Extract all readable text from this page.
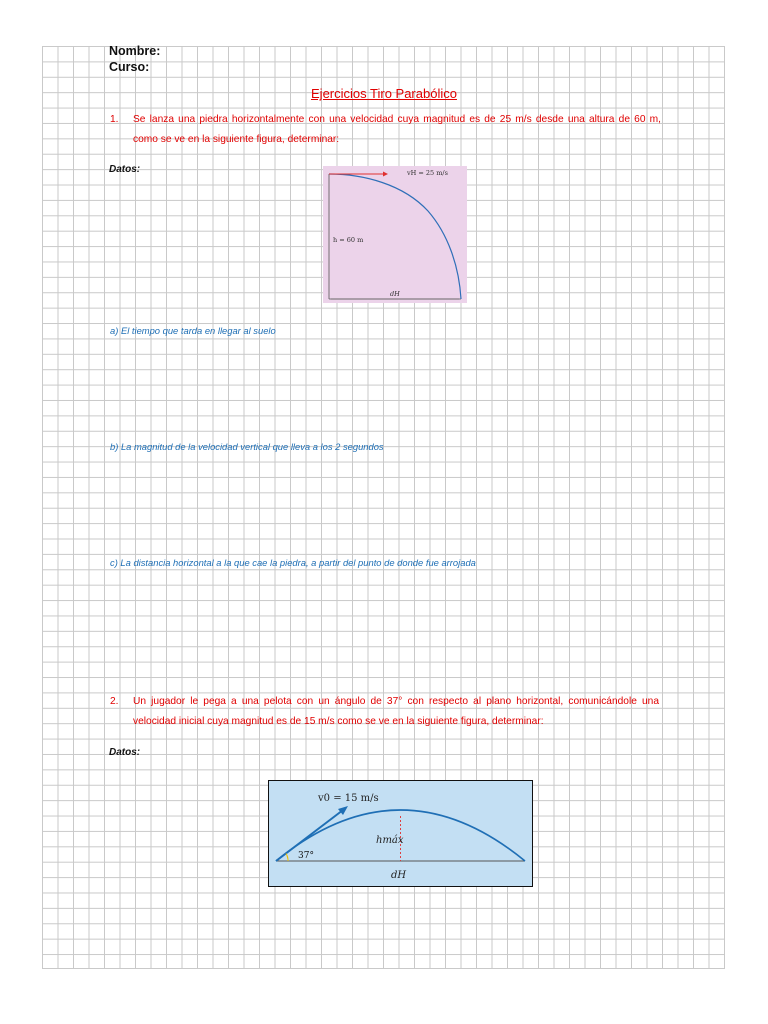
Nombre:
Curso:
Ejercicios Tiro Parabólico
1. Se lanza una piedra horizontalmente con una velocidad cuya magnitud es de 25 m/s desde una altura de 60 m, como se ve en la siguiente figura, determinar:
Datos:	vH = 25 m/s
h = 60 m
dH
a) El tiempo que tarda en llegar al suelo
b) La magnitud de la velocidad vertical que lleva a los 2 segundos
c) La distancia horizontal a la que cae la piedra, a partir del punto de donde fue arrojada
2. Un jugador le pega a una pelota con un ángulo de 37° con respecto al plano horizontal, comunicándole una velocidad inicial cuya magnitud es de 15 m/s como se ve en la siguiente figura, determinar:
Datos:
37°
v0 = 15 m/s
hmáx
dH
